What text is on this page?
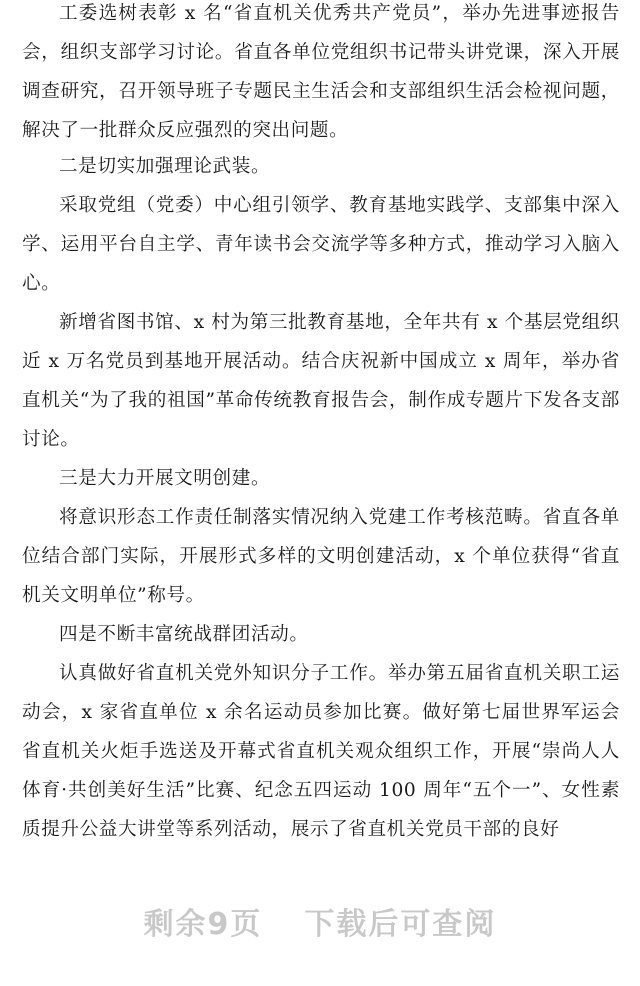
工委选树表彰 x 名“省直机关优秀共产党员”，举办先进事迹报告会，组织支部学习讨论。省直各单位党组织书记带头讲党课，深入开展调查研究，召开领导班子专题民主生活会和支部组织生活会检视问题，解决了一批群众反应强烈的突出问题。

二是切实加强理论武装。

采取党组（党委）中心组引领学、教育基地实践学、支部集中深入学、运用平台自主学、青年读书会交流学等多种方式，推动学习入脑入心。

新增省图书馆、x 村为第三批教育基地，全年共有 x 个基层党组织近 x 万名党员到基地开展活动。结合庆祝新中国成立 x 周年，举办省直机关“为了我的祖国”革命传统教育报告会，制作成专题片下发各支部讨论。

三是大力开展文明创建。

将意识形态工作责任制落实情况纳入党建工作考核范畴。省直各单位结合部门实际，开展形式多样的文明创建活动，x 个单位获得“省直机关文明单位”称号。

四是不断丰富统战群团活动。

认真做好省直机关党外知识分子工作。举办第五届省直机关职工运动会，x 家省直单位 x 余名运动员参加比赛。做好第七届世界军运会省直机关火炬手选送及开幕式省直机关观众组织工作，开展“崇尚人人体育·共创美好生活”比赛、纪念五四运动 100 周年“五个一”、女性素质提升公益大讲堂等系列活动，展示了省直机关党员干部的良好

剩余9页 下载后可查阅
